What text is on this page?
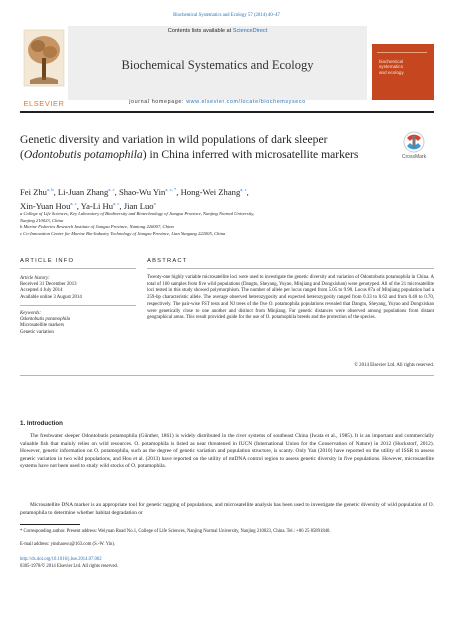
Biochemical Systematics and Ecology 57 (2014) 40–47
Contents lists available at ScienceDirect
Biochemical Systematics and Ecology
journal homepage: www.elsevier.com/locate/biochemsyseco
ELSEVIER
biochemical
systematics
and ecology
Genetic diversity and variation in wild populations of dark sleeper (Odontobutis potamophila) in China inferred with microsatellite markers	CrossMark
Fei Zhu$^{a, b}$, Li-Juan Zhang$^{a, c}$, Shao-Wu Yin$^{a, c, *}$, Hong-Wei Zhang$^{a, c}$,
Xin-Yuan Hou$^{a, c}$, Ya-Li Hu$^{a, c}$, Jian Luo$^a$
a College of Life Sciences, Key Laboratory of Biodiversity and Biotechnology of Jiangsu Province, Nanjing Normal University,
Nanjing 210023, China
b Marine Fisheries Research Institute of Jiangsu Province, Nantong 226007, China
c Co-Innovation Center for Marine Bio-Industry Technology of Jiangsu Province, Lian Yungang 222005, China
ARTICLE INFO	ABSTRACT
Article history:
Received 31 December 2013
Accepted 4 July 2014
Available online 3 August 2014
Keywords:
Odontobutis potamophila
Microsatellite markers
Genetic variation
Twenty-one highly variable microsatellite loci were used to investigate the genetic diversity and variation of Odontobutis potamophila in China. A total of 160 samples from five wild populations (Dangtu, Sheyang, Yuyao, Minjiang and Dongxishan) were genotyped. All of the 21 microsatellite loci tested in this study showed polymorphism. The number of allele per locus ranged from 5.05 to 9.90. Locus 87a of Minjiang population had a 259-bp characteristic allele. The average observed heterozygosity and expected heterozygosity ranged from 0.33 to 0.62 and from 0.40 to 0.70, respectively. The pair-wise FST tests and NJ trees of the five O. potamophila populations revealed that Dangtu, Sheyang, Yuyao and Dongxishan were genetically close to one another and distinct from Minjiang. Far genetic distances were observed among populations from distant geographical areas. This result provided guide for the use of O. potamophila breeds and the protection of the species.
© 2014 Elsevier Ltd. All rights reserved.
1. Introduction
The freshwater sleeper Odontobutis potamophila (Günther, 1861) is widely distributed in the river systems of southeast China (Iwata et al., 1985). It is an important and commercially valuable fish that mainly relies on wild resources. O. potamophila is listed as near threatened in IUCN (International Union for the Conservation of Nature) in 2012 (Huckstorf, 2012). However, genetic information on O. potamophila, such as the degree of genetic variation and population structure, is scanty. Only Yan (2010) have reported on the utility of ISSR to assess genetic variation in two wild populations, and Hou et al. (2013) have reported on the utility of mtDNA control region to assess genetic diversity in five populations. However, microsatellite systems have not been used to study wild stocks of O. potamophila.
Microsatellite DNA marker is an appropriate tool for genetic tagging of populations, and microsatellite analysis has been used to investigate the genetic diversity of wild population of O. potamophila to determine whether habitat degradation or
* Corresponding author. Present address: Weiyuan Road No.1, College of Life Sciences, Nanjing Normal University, Nanjing 210023, China. Tel.: +86 25 85891840.
E-mail address: yinshaowu@163.com (S.-W. Yin).
http://dx.doi.org/10.1016/j.bse.2014.07.002
0305-1978/© 2014 Elsevier Ltd. All rights reserved.
